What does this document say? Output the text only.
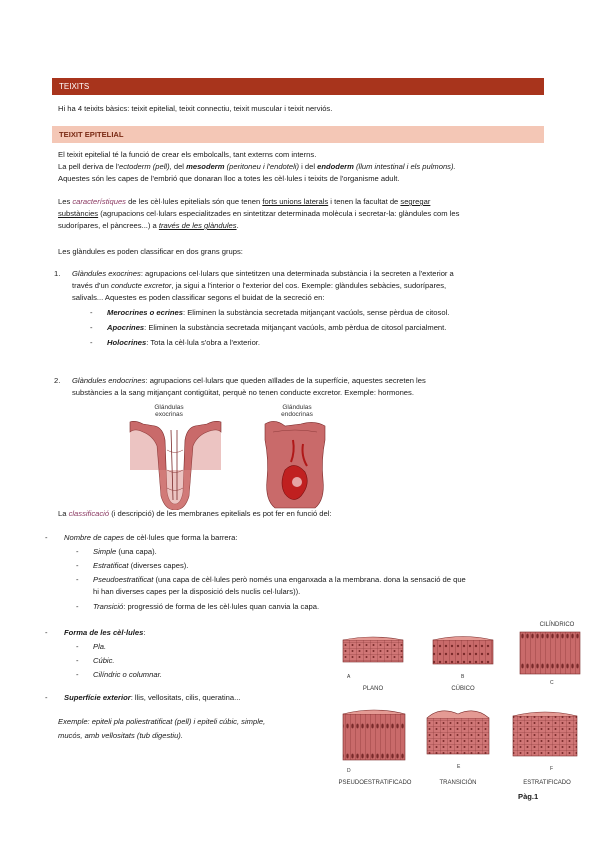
TEIXITS
Hi ha 4 teixits bàsics: teixit epitelial, teixit connectiu, teixit muscular i teixit nerviós.
TEIXIT EPITELIAL
El teixit epitelial té la funció de crear els embolcalls, tant externs com interns.
La pell deriva de l'ectoderm (pell), del mesoderm (peritoneu i l'endoteli) i del endoderm (llum intestinal i els pulmons).
Aquestes són les capes de l'embrió que donaran lloc a totes les cèl·lules i teixits de l'organisme adult.
Les característiques de les cèl·lules epitelials són que tenen forts unions laterals i tenen la facultat de segregar
substàncies (agrupacions cel·lulars especialitzades en sintetitzar determinada molècula i secretar-la: glàndules com les
sudorípares, el pàncrees...) a través de les glàndules.
Les glàndules es poden classificar en dos grans grups:
1. Glàndules exocrines: agrupacions cel·lulars que sintetitzen una determinada substància i la secreten a l'exterior a
través d'un conducte excretor, ja sigui a l'interior o l'exterior del cos. Exemple: glàndules sebàcies, sudorípares,
salivals... Aquestes es poden classificar segons el buidat de la secreció en:
- Merocrines o ecrines: Eliminen la substància secretada mitjançant vacúols, sense pèrdua de citosol.
- Apocrines: Eliminen la substància secretada mitjançant vacúols, amb pèrdua de citosol parcialment.
- Holocrines: Tota la cèl·lula s'obra a l'exterior.
2. Glàndules endocrines: agrupacions cel·lulars que queden aïllades de la superfície, aquestes secreten les
substàncies a la sang mitjançant contigüitat, perquè no tenen conducte excretor. Exemple: hormones.
Glándulas
exocrinas
Glándulas
endocrinas
La classificació (i descripció) de les membranes epitelials es pot fer en funció del:
- Nombre de capes de cèl·lules que forma la barrera:
- Simple (una capa).
- Estratificat (diverses capes).
- Pseudoestratificat (una capa de cèl·lules però només una enganxada a la membrana. dona la sensació de que
hi han diverses capes per la disposició dels nuclis cel·lulars)).
- Transició: progressió de forma de les cèl·lules quan canvia la capa.
- Forma de les cèl·lules:
- Pla.
- Cúbic.
- Cilíndric o columnar.
- Superfície exterior: llis, vellositats, cilis, queratina...
Exemple: epiteli pla poliestratificat (pell) i epiteli cúbic, simple,
mucós, amb vellositats (tub digestiu).
CILÍNDRICO
A
PLANO
B
CÚBICO
C
D
PSEUDOESTRATIFICADO
E
TRANSICIÓN
F
ESTRATIFICADO
Pàg.1
